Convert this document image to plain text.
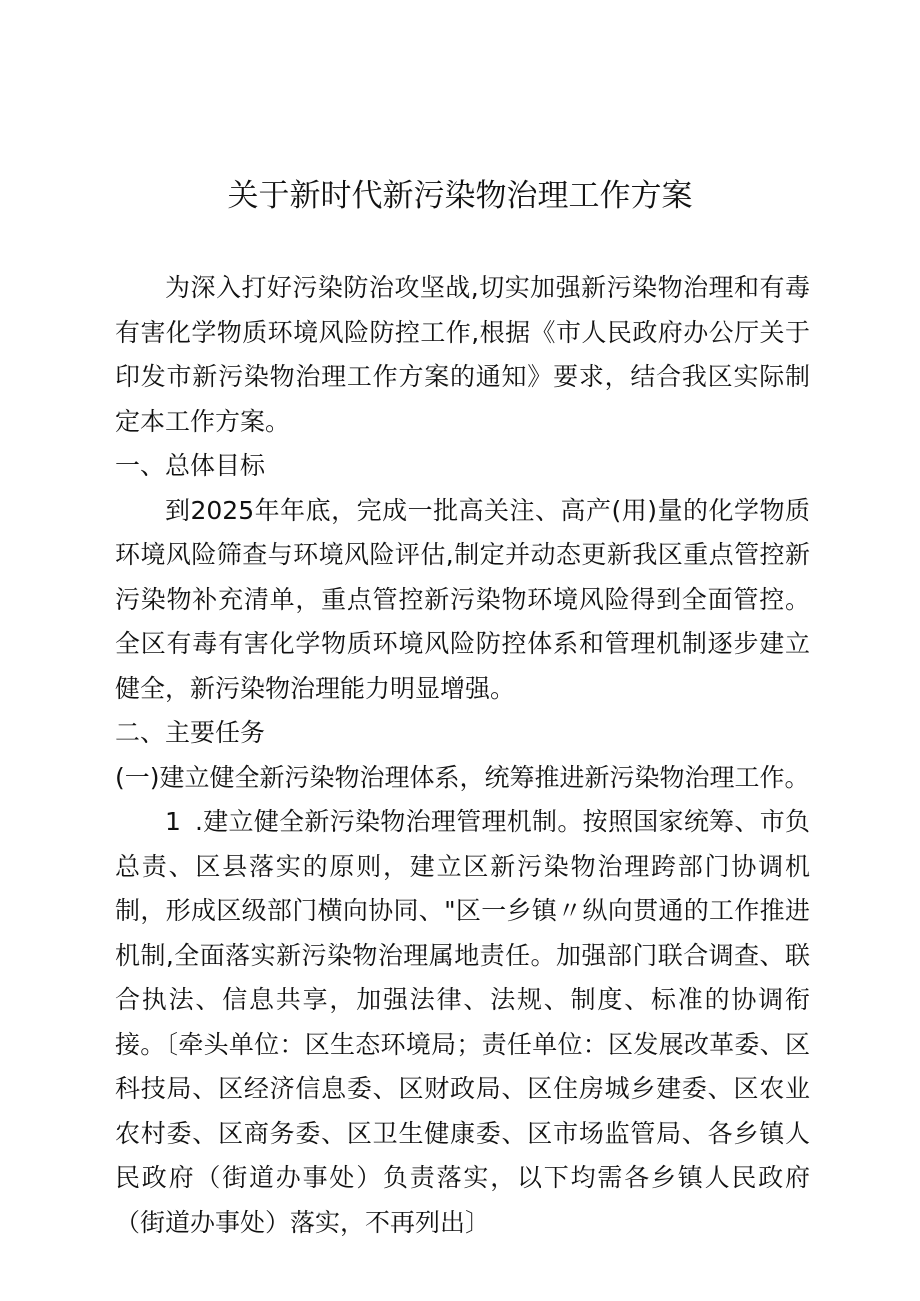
关于新时代新污染物治理工作方案

为深入打好污染防治攻坚战,切实加强新污染物治理和有毒有害化学物质环境风险防控工作,根据《市人民政府办公厅关于印发市新污染物治理工作方案的通知》要求，结合我区实际制定本工作方案。

一、总体目标

到2025年年底，完成一批高关注、高产(用)量的化学物质环境风险筛查与环境风险评估,制定并动态更新我区重点管控新污染物补充清单，重点管控新污染物环境风险得到全面管控。全区有毒有害化学物质环境风险防控体系和管理机制逐步建立健全，新污染物治理能力明显增强。

二、主要任务

(一)建立健全新污染物治理体系，统筹推进新污染物治理工作。

1 .建立健全新污染物治理管理机制。按照国家统筹、市负总责、区县落实的原则，建立区新污染物治理跨部门协调机制，形成区级部门横向协同、"区一乡镇〃纵向贯通的工作推进机制,全面落实新污染物治理属地责任。加强部门联合调查、联合执法、信息共享，加强法律、法规、制度、标准的协调衔接。〔牵头单位：区生态环境局；责任单位：区发展改革委、区科技局、区经济信息委、区财政局、区住房城乡建委、区农业农村委、区商务委、区卫生健康委、区市场监管局、各乡镇人民政府（街道办事处）负责落实，以下均需各乡镇人民政府（街道办事处）落实，不再列出〕
